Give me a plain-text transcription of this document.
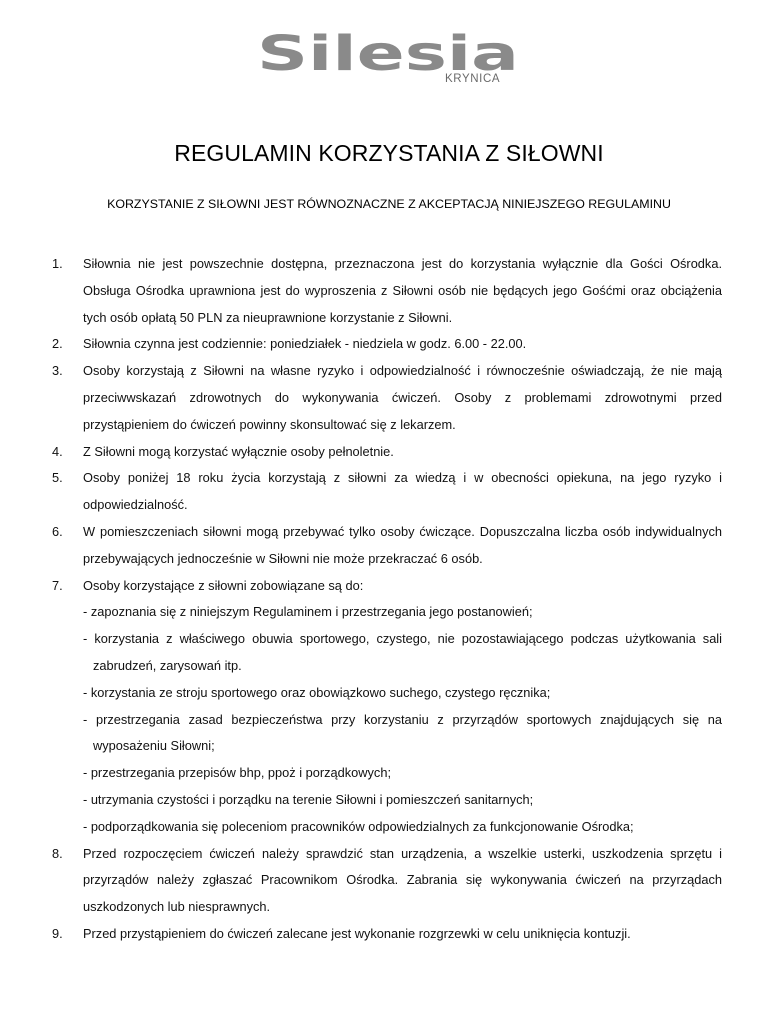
Silesia
KRYNICA
REGULAMIN KORZYSTANIA Z SIŁOWNI
KORZYSTANIE Z SIŁOWNI JEST RÓWNOZNACZNE Z AKCEPTACJĄ NINIEJSZEGO REGULAMINU
1.	Siłownia nie jest powszechnie dostępna, przeznaczona jest do korzystania wyłącznie dla Gości Ośrodka. Obsługa Ośrodka uprawniona jest do wyproszenia z Siłowni osób nie będących jego Gośćmi oraz obciążenia tych osób opłatą 50 PLN za nieuprawnione korzystanie z Siłowni.
2.	Siłownia czynna jest codziennie: poniedziałek - niedziela w godz. 6.00 - 22.00.
3.	Osoby korzystają z Siłowni na własne ryzyko i odpowiedzialność i równocześnie oświadczają, że nie mają przeciwwskazań zdrowotnych do wykonywania ćwiczeń. Osoby z problemami zdrowotnymi przed przystąpieniem do ćwiczeń powinny skonsultować się z lekarzem.
4.	Z Siłowni mogą korzystać wyłącznie osoby pełnoletnie.
5.	Osoby poniżej 18 roku życia korzystają z siłowni za wiedzą i w obecności opiekuna, na jego ryzyko i odpowiedzialność.
6.	W pomieszczeniach siłowni mogą przebywać tylko osoby ćwiczące. Dopuszczalna liczba osób indywidualnych przebywających jednocześnie w Siłowni nie może przekraczać 6 osób.
7.	Osoby korzystające z siłowni zobowiązane są do:
- zapoznania się z niniejszym Regulaminem i przestrzegania jego postanowień;
- korzystania z właściwego obuwia sportowego, czystego, nie pozostawiającego podczas użytkowania sali zabrudzeń, zarysowań itp.
- korzystania ze stroju sportowego oraz obowiązkowo suchego, czystego ręcznika;
- przestrzegania zasad bezpieczeństwa przy korzystaniu z przyrządów sportowych znajdujących się na wyposażeniu Siłowni;
- przestrzegania przepisów bhp, ppoż i porządkowych;
- utrzymania czystości i porządku na terenie Siłowni i pomieszczeń sanitarnych;
- podporządkowania się poleceniom pracowników odpowiedzialnych za funkcjonowanie Ośrodka;
8.	Przed rozpoczęciem ćwiczeń należy sprawdzić stan urządzenia, a wszelkie usterki, uszkodzenia sprzętu i przyrządów należy zgłaszać Pracownikom Ośrodka. Zabrania się wykonywania ćwiczeń na przyrządach uszkodzonych lub niesprawnych.
9.	Przed przystąpieniem do ćwiczeń zalecane jest wykonanie rozgrzewki w celu uniknięcia kontuzji.
